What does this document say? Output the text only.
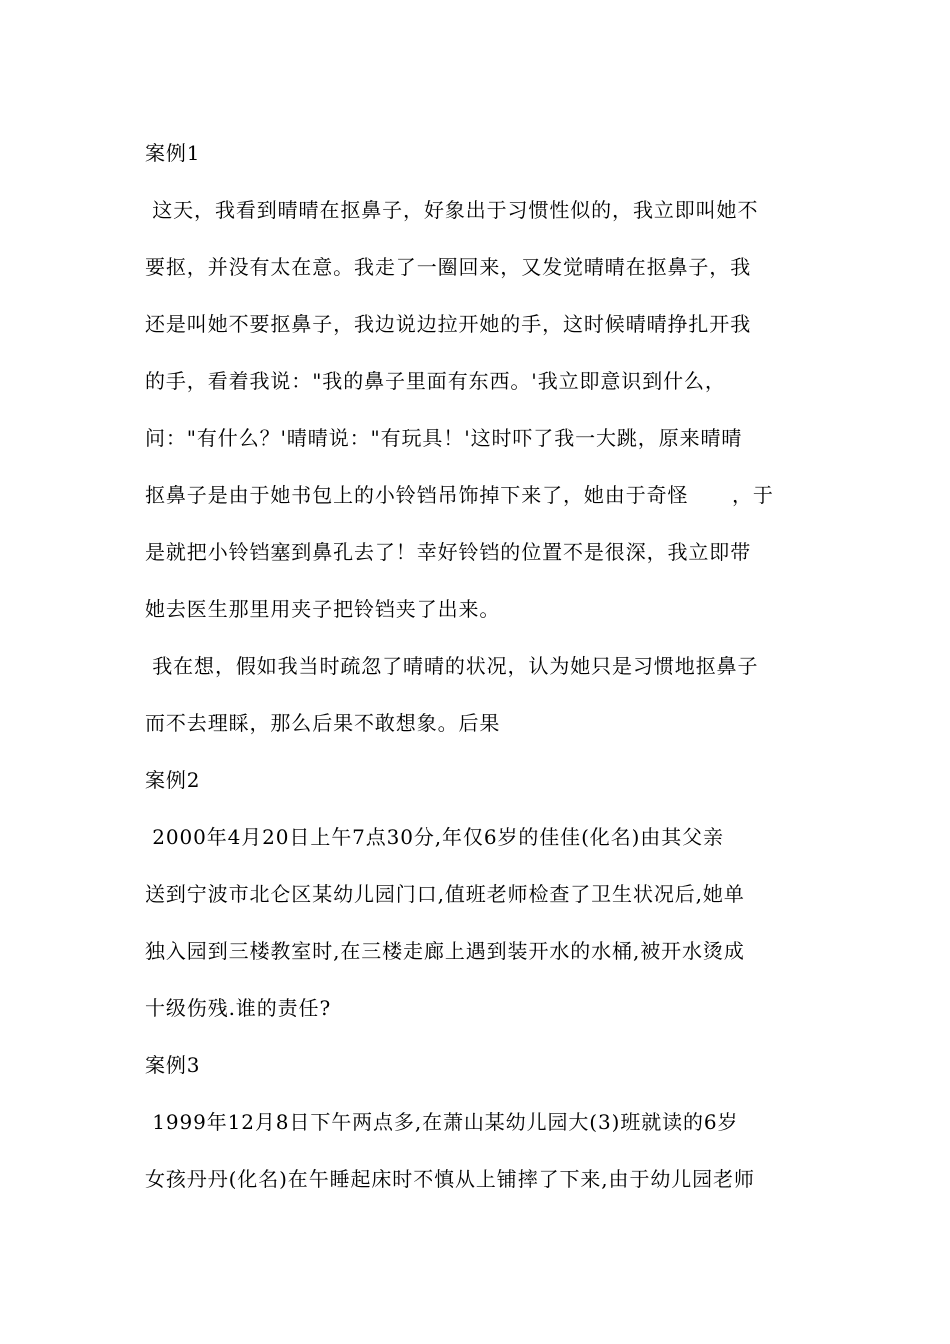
案例1
这天，我看到晴晴在抠鼻子，好象出于习惯性似的，我立即叫她不
要抠，并没有太在意。我走了一圈回来，又发觉晴晴在抠鼻子，我
还是叫她不要抠鼻子，我边说边拉开她的手，这时候晴晴挣扎开我
的手，看着我说："我的鼻子里面有东西。'我立即意识到什么，
问："有什么？'晴晴说："有玩具！'这时吓了我一大跳，原来晴晴
抠鼻子是由于她书包上的小铃铛吊饰掉下来了，她由于奇怪      ，于
是就把小铃铛塞到鼻孔去了！幸好铃铛的位置不是很深，我立即带
她去医生那里用夹子把铃铛夹了出来。
我在想，假如我当时疏忽了晴晴的状况，认为她只是习惯地抠鼻子
而不去理睬，那么后果不敢想象。后果
案例2
2000年4月20日上午7点30分,年仅6岁的佳佳(化名)由其父亲
送到宁波市北仑区某幼儿园门口,值班老师检查了卫生状况后,她单
独入园到三楼教室时,在三楼走廊上遇到装开水的水桶,被开水烫成
十级伤残.谁的责任?
案例3
1999年12月8日下午两点多,在萧山某幼儿园大(3)班就读的6岁
女孩丹丹(化名)在午睡起床时不慎从上铺摔了下来,由于幼儿园老师
